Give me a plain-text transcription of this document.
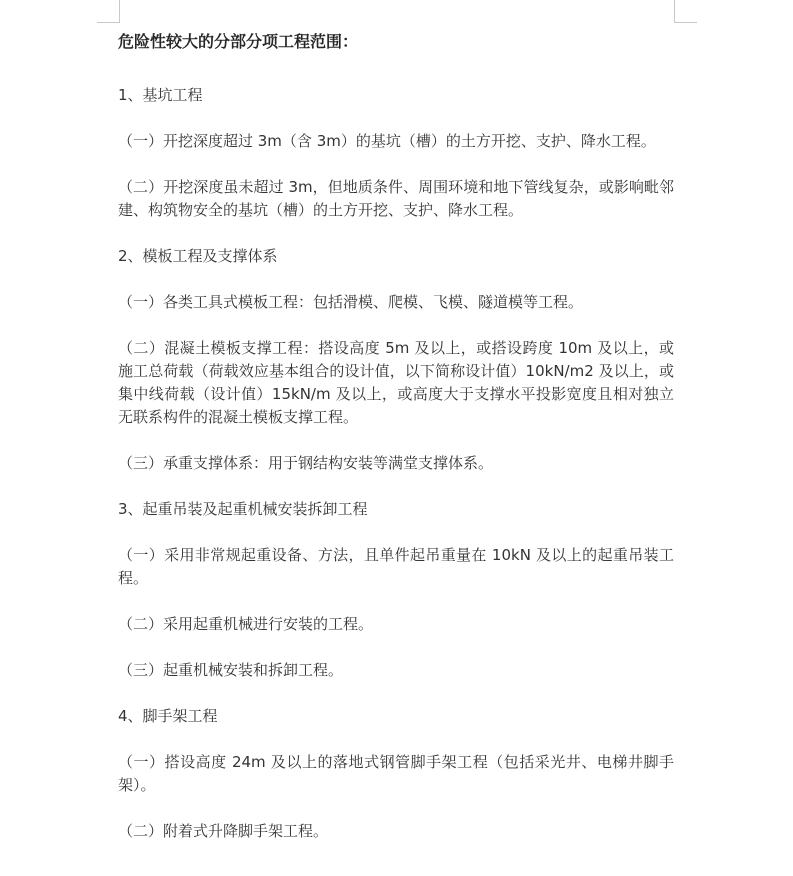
危险性较大的分部分项工程范围：
1、基坑工程
（一）开挖深度超过 3m（含 3m）的基坑（槽）的土方开挖、支护、降水工程。
（二）开挖深度虽未超过 3m，但地质条件、周围环境和地下管线复杂，或影响毗邻建、构筑物安全的基坑（槽）的土方开挖、支护、降水工程。
2、模板工程及支撑体系
（一）各类工具式模板工程：包括滑模、爬模、飞模、隧道模等工程。
（二）混凝土模板支撑工程：搭设高度 5m 及以上，或搭设跨度 10m 及以上，或施工总荷载（荷载效应基本组合的设计值，以下简称设计值）10kN/m2 及以上，或集中线荷载（设计值）15kN/m 及以上，或高度大于支撑水平投影宽度且相对独立无联系构件的混凝土模板支撑工程。
（三）承重支撑体系：用于钢结构安装等满堂支撑体系。
3、起重吊装及起重机械安装拆卸工程
（一）采用非常规起重设备、方法，且单件起吊重量在 10kN 及以上的起重吊装工程。
（二）采用起重机械进行安装的工程。
（三）起重机械安装和拆卸工程。
4、脚手架工程
（一）搭设高度 24m 及以上的落地式钢管脚手架工程（包括采光井、电梯井脚手架）。
（二）附着式升降脚手架工程。
